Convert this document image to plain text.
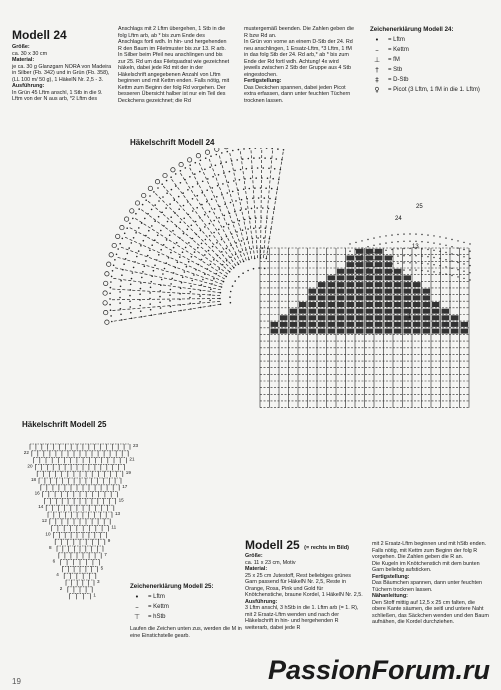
Modell 24
Größe:
ca. 30 x 30 cm
Material:
je ca. 30 g Glanzgarn NORA von Madeira in Silber (Fb. 342) und in Grün (Fb. 358), (LL 100 m/ 50 g), 1 HäkelN Nr. 2,5 - 3.
Ausführung:
In Grün 45 Lftm anschl, 1 Stb in die 9. Lftm von der N aus arb, *2 Lftm des
Anschlags mit 2 Lftm übergehen, 1 Stb in die folg Lftm arb, ab * bis zum Ende des Anschlags fortl wdh. In hin- und hergehenden R den Baum im Filetmuster bis zur 13. R arb. In Silber beim Pfeil neu anschlingen und bis zur 25. Rd um das Filetquadrat wie gezeichnet häkeln, dabei jede Rd mit der in der Häkelschrift angegebenen Anzahl von Lftm beginnen und mit Kettm enden. Falls nötig, mit Kettm zum Beginn der folg Rd vorgehen. Der besseren Übersicht halber ist nur ein Teil des Deckchens gezeichnet; die Rd
mustergemäß beenden. Die Zahlen geben die R bzw Rd an.
In Grün von vorne an einem D-Stb der 24. Rd neu anschlingen, 1 Ersatz-Lftm, *3 Lftm, 1 fM in das folg Stb der 24. Rd arb,* ab * bis zum Ende der Rd fortl wdh. Achtung! 4x wird jeweils zwischen 2 Stb der Gruppe aus 4 Stb eingestochen.
Fertigstellung:
Das Deckchen spannen, dabei jeden Picot extra erfassen, dann unter feuchten Tüchern trocknen lassen.
Zeichenerklärung Modell 24:
•	= Lftm
–	= Kettm
⊥	= fM
†	= Stb
‡	= D-Stb
♀	= Picot (3 Lftm, 1 fM in die 1. Lftm)
Häkelschrift Modell 24
25
24
13
1
Häkelschrift Modell 25
22
20
18
16
14
12
10
8
6
4
2
23
21
19
17
15
13
11
9
7
5
3
1
Zeichenerklärung Modell 25:
•	= Lftm
–	= Kettm
⊤	= hStb
Laufen die Zeichen unten zus, werden die M in eine Einstichstelle gearb.
Modell 25 (= rechts im Bild)
Größe:
ca. 11 x 23 cm, Motiv
Material:
25 x 25 cm Jutestoff, Rest beliebiges grünes Garn passend für HäkelN Nr. 2,5, Reste in Orange, Rosa, Pink und Gold für Knötchenstiche, braune Kordel, 1 HäkelN Nr. 2,5.
Ausführung:
3 Lftm anschl, 3 hStb in die 1. Lftm arb (= 1. R), mit 2 Ersatz-Lftm wenden und nach der Häkelschrift in hin- und hergehenden R weiterarb, dabei jede R
mit 2 Ersatz-Lftm beginnen und mit hStb enden. Falls nötig, mit Kettm zum Beginn der folg R vorgehen. Die Zahlen geben die R an.
Die Kugeln im Knötchenstich mit dem bunten Garn beliebig aufsticken.
Fertigstellung:
Das Bäumchen spannen, dann unter feuchten Tüchern trocknen lassen.
Nähanleitung:
Den Stoff mittig auf 12,5 x 25 cm falten, die obere Kante säumen, die seitl und untere Naht schließen, das Säckchen wenden und den Baum aufnähen, die Kordel durchziehen.
PassionForum.ru
19
